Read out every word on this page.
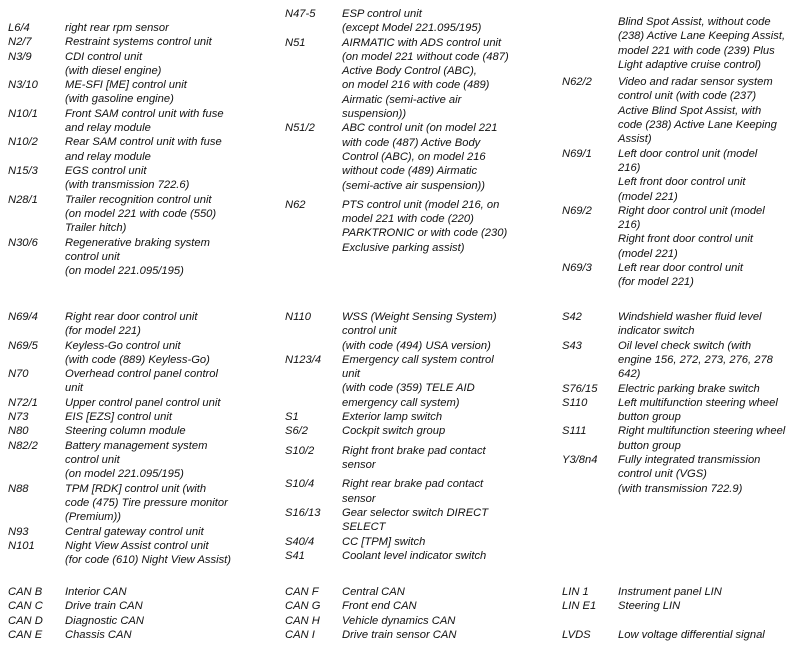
L6/4	right rear rpm sensor
N2/7	Restraint systems control unit
N3/9	CDI control unit
(with diesel engine)
N3/10 ME-SFI [ME] control unit
(with gasoline engine)
N10/1 Front SAM control unit with fuse
and relay module
N10/2 Rear SAM control unit with fuse
and relay module
N15/3 EGS control unit
(with transmission 722.6)
N28/1 Trailer recognition control unit
(on model 221 with code (550)
Trailer hitch)
N30/6 Regenerative braking system
control unit
(on model 221.095/195)
N69/4 Right rear door control unit
(for model 221)
N69/5 Keyless-Go control unit
(with code (889) Keyless-Go)
N70	Overhead control panel control
unit
N72/1 Upper control panel control unit
N73	EIS [EZS] control unit
N80	Steering column module
N82/2 Battery management system
control unit
(on model 221.095/195)
N88	TPM [RDK] control unit (with
code (475) Tire pressure monitor
(Premium))
N93	Central gateway control unit
N101	Night View Assist control unit
(for code (610) Night View Assist)
CAN B Interior CAN
CAN C Drive train CAN
CAN D Diagnostic CAN
CAN E Chassis CAN
N47-5 ESP control unit
(except Model 221.095/195)
N51	AIRMATIC with ADS control unit
(on model 221 without code (487)
Active Body Control (ABC),
on model 216 with code (489)
Airmatic (semi-active air
suspension))
N51/2 ABC control unit (on model 221
with code (487) Active Body
Control (ABC), on model 216
without code (489) Airmatic
(semi-active air suspension))
N62	PTS control unit (model 216, on
model 221 with code (220)
PARKTRONIC or with code (230)
Exclusive parking assist)
N110	WSS (Weight Sensing System)
control unit
(with code (494) USA version)
N123/4 Emergency call system control
unit
(with code (359) TELE AID
emergency call system)
S1	Exterior lamp switch
S6/2	Cockpit switch group
S10/2 Right front brake pad contact
sensor
S10/4 Right rear brake pad contact
sensor
S16/13 Gear selector switch DIRECT
SELECT
S40/4 CC [TPM] switch
S41	Coolant level indicator switch
CAN F Central CAN
CAN G Front end CAN
CAN H Vehicle dynamics CAN
CAN I Drive train sensor CAN
Blind Spot Assist, without code
(238) Active Lane Keeping Assist,
model 221 with code (239) Plus
Light adaptive cruise control)
N62/2 Video and radar sensor system
control unit (with code (237)
Active Blind Spot Assist, with
code (238) Active Lane Keeping
Assist)
N69/1 Left door control unit (model
216)
Left front door control unit
(model 221)
N69/2 Right door control unit (model
216)
Right front door control unit
(model 221)
N69/3 Left rear door control unit
(for model 221)
S42	Windshield washer fluid level
indicator switch
S43	Oil level check switch (with
engine 156, 272, 273, 276, 278
642)
S76/15 Electric parking brake switch
S110	Left multifunction steering wheel
button group
S111	Right multifunction steering wheel
button group
Y3/8n4 Fully integrated transmission
control unit (VGS)
(with transmission 722.9)
LIN 1	Instrument panel LIN
LIN E1 Steering LIN
LVDS Low voltage differential signal
